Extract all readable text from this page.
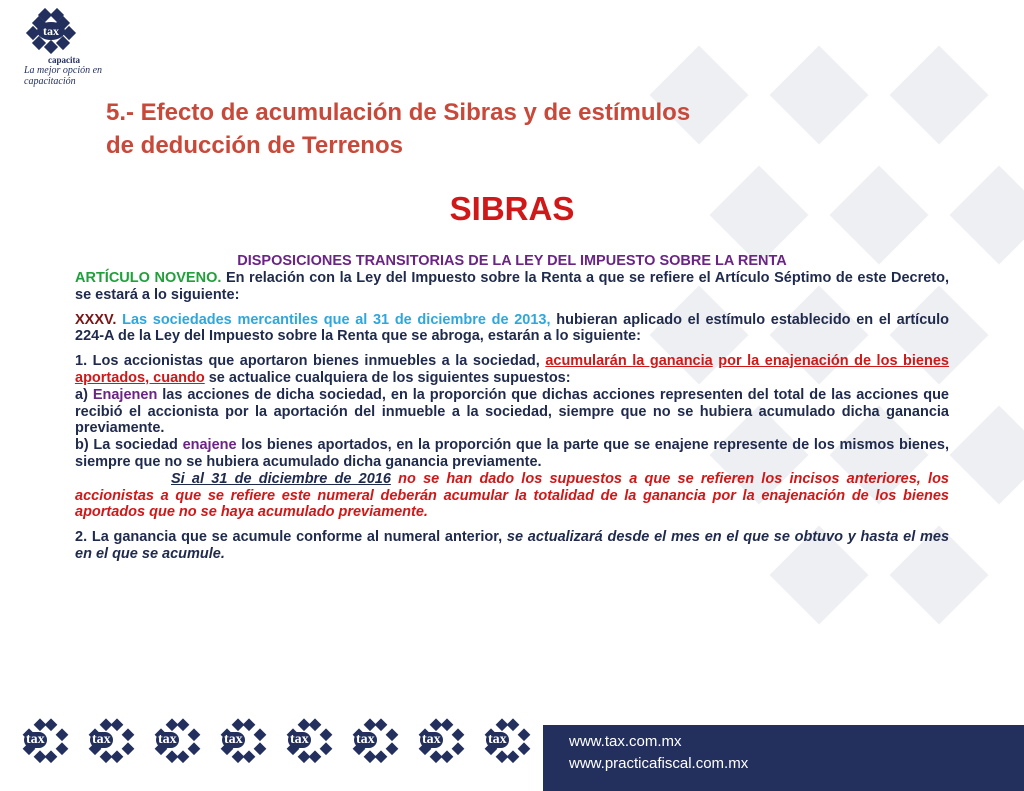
tax
capacita
La mejor opción en capacitación
5.- Efecto de acumulación de Sibras y de estímulos
de deducción de Terrenos
SIBRAS
DISPOSICIONES TRANSITORIAS DE LA LEY DEL IMPUESTO SOBRE LA RENTA

ARTÍCULO NOVENO. En relación con la Ley del Impuesto sobre la Renta a que se refiere el Artículo Séptimo de este Decreto, se estará a lo siguiente:

XXXV. Las sociedades mercantiles que al 31 de diciembre de 2013, hubieran aplicado el estímulo establecido en el artículo 224-A de la Ley del Impuesto sobre la Renta que se abroga, estarán a lo siguiente:

1. Los accionistas que aportaron bienes inmuebles a la sociedad, acumularán la ganancia por la enajenación de los bienes aportados, cuando se actualice cualquiera de los siguientes supuestos:

a) Enajenen las acciones de dicha sociedad, en la proporción que dichas acciones representen del total de las acciones que recibió el accionista por la aportación del inmueble a la sociedad, siempre que no se hubiera acumulado dicha ganancia previamente.

b) La sociedad enajene los bienes aportados, en la proporción que la parte que se enajene represente de los mismos bienes, siempre que no se hubiera acumulado dicha ganancia previamente.

Si al 31 de diciembre de 2016 no se han dado los supuestos a que se refieren los incisos anteriores, los accionistas a que se refiere este numeral deberán acumular la totalidad de la ganancia por la enajenación de los bienes aportados que no se haya acumulado previamente.

2. La ganancia que se acumule conforme al numeral anterior, se actualizará desde el mes en el que se obtuvo y hasta el mes en el que se acumule.

tax	tax	tax	tax	tax	tax	tax	tax	www.tax.com.mx
www.practicafiscal.com.mx
